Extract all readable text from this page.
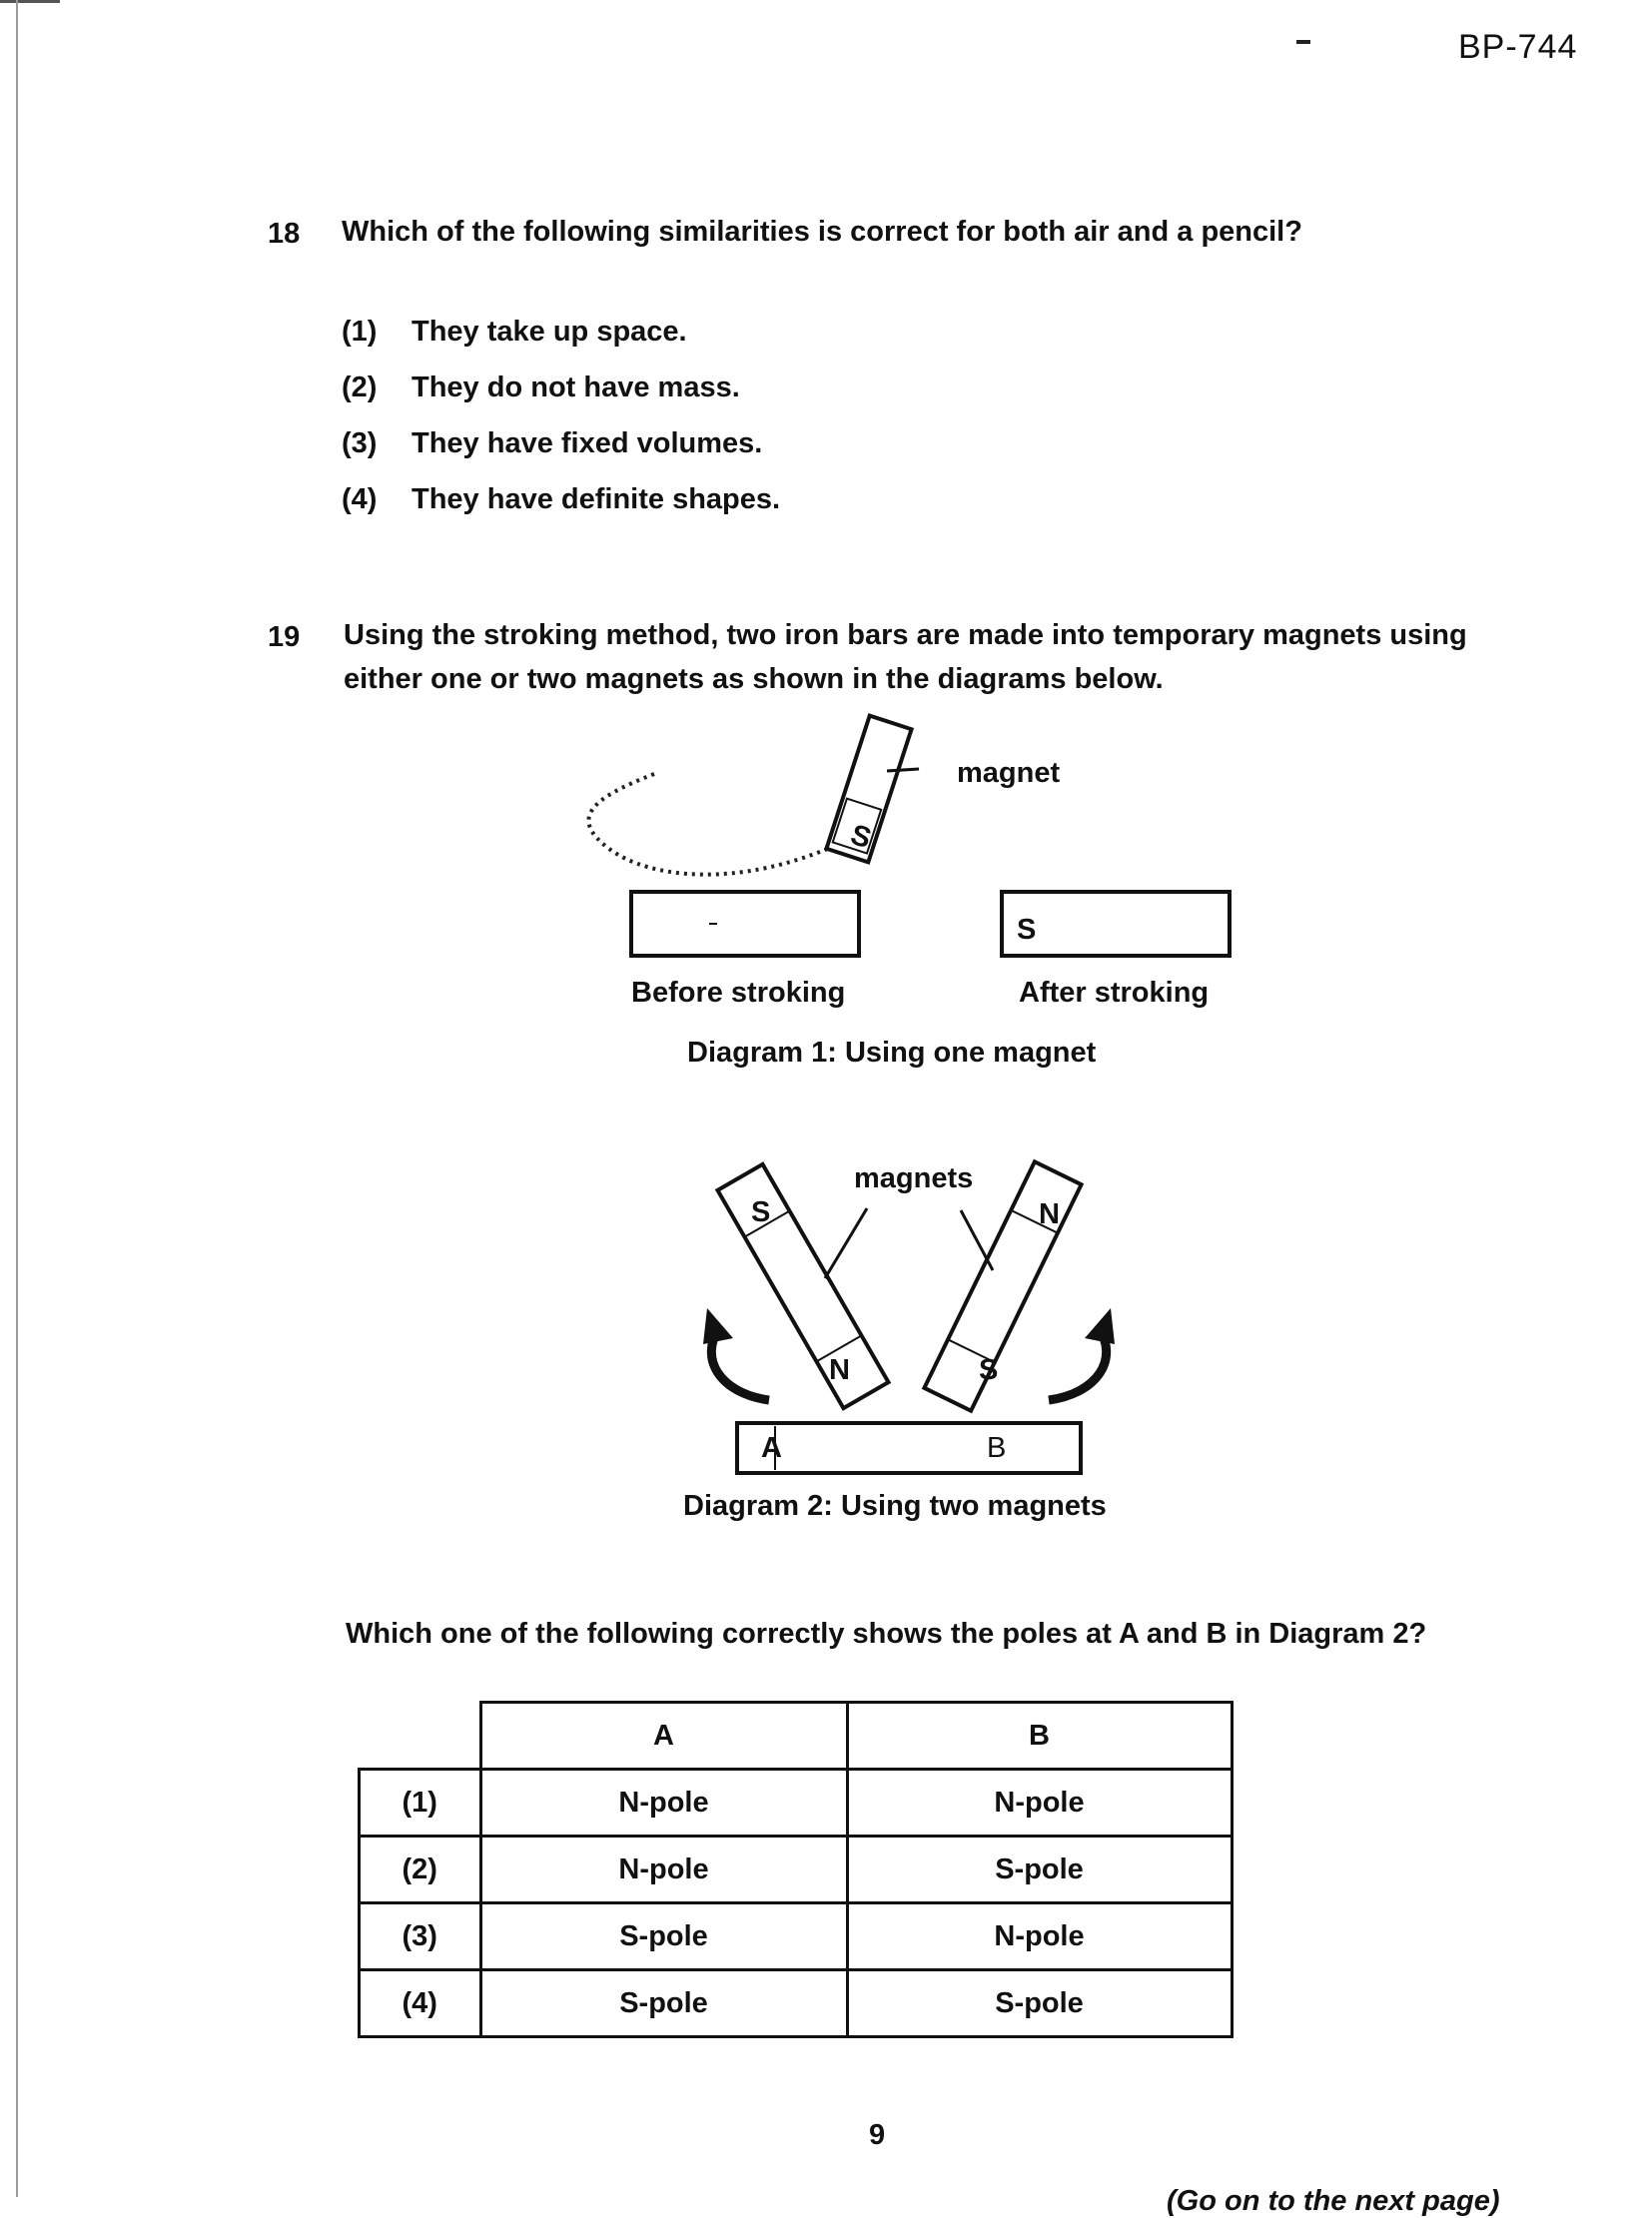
BP-744
18 Which of the following similarities is correct for both air and a pencil?
(1) They take up space.
(2) They do not have mass.
(3) They have fixed volumes.
(4) They have definite shapes.
19 Using the stroking method, two iron bars are made into temporary magnets using
either one or two magnets as shown in the diagrams below.
S
magnet
S
Before stroking	After stroking
Diagram 1: Using one magnet
magnets
S
N
N
S
A	B
Diagram 2: Using two magnets
Which one of the following correctly shows the poles at A and B in Diagram 2?
	A	B
(1)	N-pole	N-pole
(2)	N-pole	S-pole
(3)	S-pole	N-pole
(4)	S-pole	S-pole
9
(Go on to the next page)
